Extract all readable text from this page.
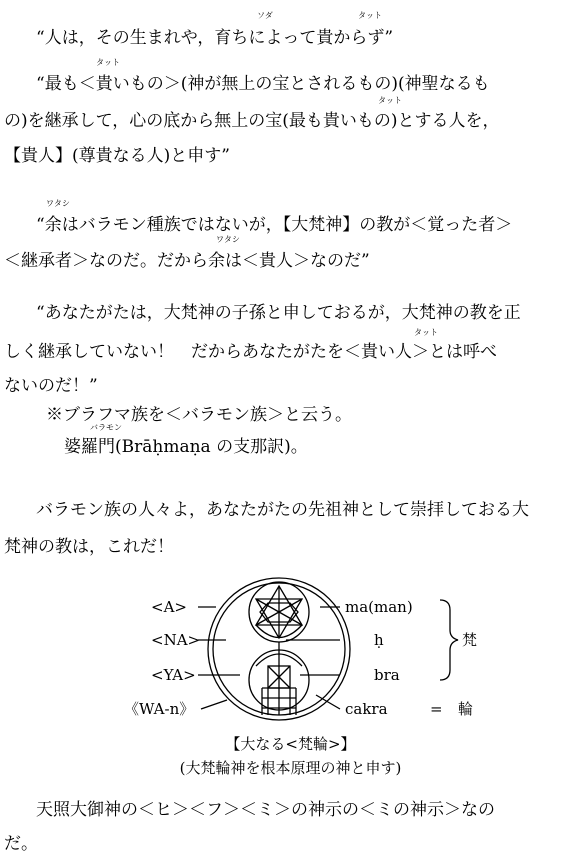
ソダ	タット
“人は，その生まれや，育ちによって貴からず”
タット
“最も＜貴いもの＞(神が無上の宝とされるもの)(神聖なるも
タット
の)を継承して，心の底から無上の宝(最も貴いもの)とする人を，
【貴人】(尊貴なる人)と申す”
ワタシ
“余はバラモン種族ではないが，【大梵神】の教が＜覚った者＞
ワタシ
＜継承者＞なのだ。だから余は＜貴人＞なのだ”
“あなたがたは，大梵神の子孫と申しておるが，大梵神の教を正
タット
しく継承していない！　だからあなたがたを＜貴い人＞とは呼べ
ないのだ！”
※ブラフマ族を＜バラモン族＞と云う。
バラモン
婆羅門(Brāḥmaṇa の支那訳)。
バラモン族の人々よ，あなたがたの先祖神として崇拝しておる大
梵神の教は，これだ！
<A>
<NA>
<YA>
《WA-n》
ma(man)
ḥ
bra
cakra
梵
= 輪
【大なる<梵輪>】
(大梵輪神を根本原理の神と申す)
天照大御神の＜ヒ＞＜フ＞＜ミ＞の神示の＜ミの神示＞なの
だ。
